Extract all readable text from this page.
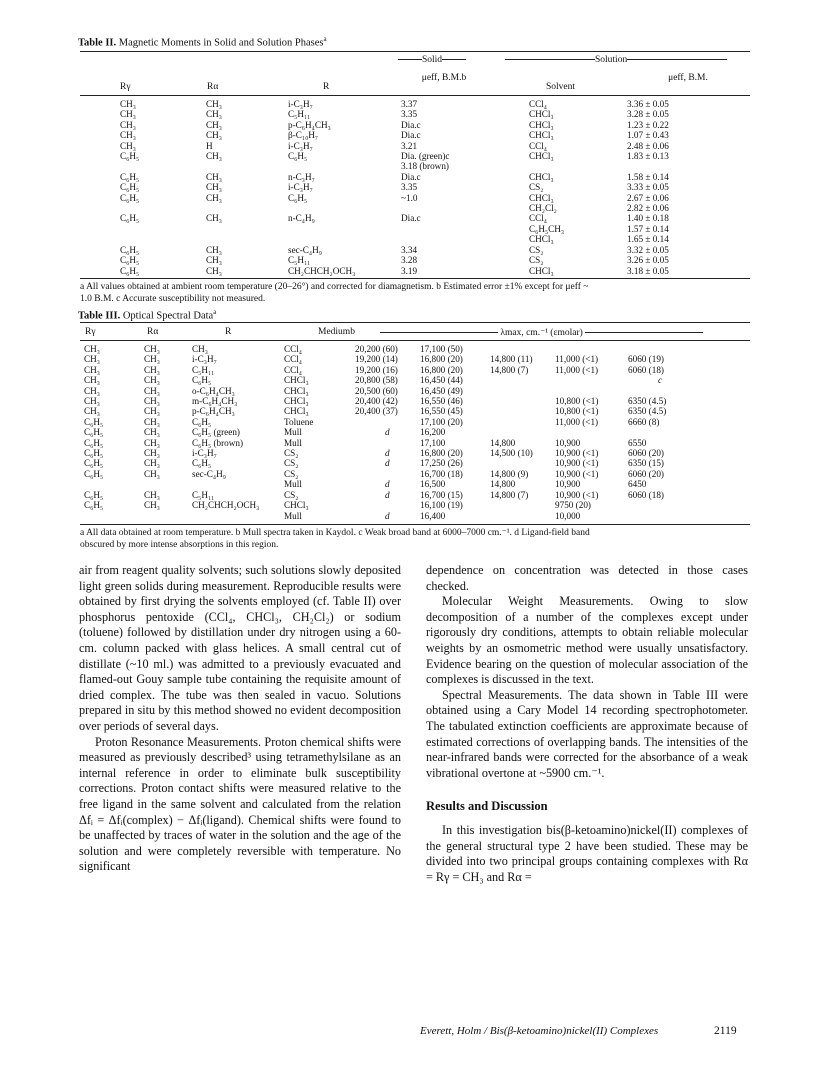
Table II. Magnetic Moments in Solid and Solution Phases$^a$
Solid	Solution
Rγ	Rα	R
μeff, B.M.b
Solvent
μeff, B.M.
CH₃	CH₃	i-C₃H₇	3.37	CCl₄	3.36 ± 0.05
CH₃	CH₃	C₅H₁₁	3.35	CHCl₃	3.28 ± 0.05
CH₃	CH₃	p-C₆H₄CH₃	Dia.c	CHCl₃	1.23 ± 0.22
CH₃	CH₃	β-C₁₀H₇	Dia.c	CHCl₃	1.07 ± 0.43
CH₃	H	i-C₃H₇	3.21	CCl₄	2.48 ± 0.06
C₆H₅	CH₃	C₆H₅	Dia. (green)c	CHCl₃	1.83 ± 0.13
			3.18 (brown)		
C₆H₅	CH₃	n-C₃H₇	Dia.c	CHCl₃	1.58 ± 0.14
C₆H₅	CH₃	i-C₃H₇	3.35	CS₂	3.33 ± 0.05
C₆H₅	CH₃	C₆H₅	~1.0	CHCl₃	2.67 ± 0.06
				CH₂Cl₂	2.82 ± 0.06
C₆H₅	CH₃	n-C₄H₉	Dia.c	CCl₄	1.40 ± 0.18
				C₆H₅CH₃	1.57 ± 0.14
				CHCl₃	1.65 ± 0.14
C₆H₅	CH₃	sec-C₄H₉	3.34	CS₂	3.32 ± 0.05
C₆H₅	CH₃	C₅H₁₁	3.28	CS₂	3.26 ± 0.05
C₆H₅	CH₃	CH₂CHCH₂OCH₃	3.19	CHCl₃	3.18 ± 0.05
a All values obtained at ambient room temperature (20–26°) and corrected for diamagnetism. b Estimated error ±1% except for μeff ~
1.0 B.M. c Accurate susceptibility not measured.
Table III. Optical Spectral Data$^a$
Rγ	Rα	R	Mediumb	λmax, cm.⁻¹ (εmolar)
CH₃	CH₃	CH₃	CCl₄	20,200 (60)	17,100 (50)			
CH₃	CH₃	i-C₃H₇	CCl₄	19,200 (14)	16,800 (20)	14,800 (11)	11,000 (<1)	6060 (19)
CH₃	CH₃	C₅H₁₁	CCl₄	19,200 (16)	16,800 (20)	14,800 (7)	11,000 (<1)	6060 (18)
CH₃	CH₃	C₆H₅	CHCl₃	20,800 (58)	16,450 (44)			c
CH₃	CH₃	o-C₆H₄CH₃	CHCl₃	20,500 (60)	16,450 (49)			
CH₃	CH₃	m-C₆H₄CH₃	CHCl₃	20,400 (42)	16,550 (46)		10,800 (<1)	6350 (4.5)
CH₃	CH₃	p-C₆H₄CH₃	CHCl₃	20,400 (37)	16,550 (45)		10,800 (<1)	6350 (4.5)
C₆H₅	CH₃	C₆H₅	Toluene		17,100 (20)		11,000 (<1)	6660 (8)
C₆H₅	CH₃	C₆H₅ (green)	Mull	d	16,200			
C₆H₅	CH₃	C₆H₅ (brown)	Mull		17,100	14,800	10,900	6550
C₆H₅	CH₃	i-C₃H₇	CS₂	d	16,800 (20)	14,500 (10)	10,900 (<1)	6060 (20)
C₆H₅	CH₃	C₆H₅	CS₂	d	17,250 (26)		10,900 (<1)	6350 (15)
C₆H₅	CH₃	sec-C₄H₉	CS₂		16,700 (18)	14,800 (9)	10,900 (<1)	6060 (20)
			Mull	d	16,500	14,800	10,900	6450
C₆H₅	CH₃	C₅H₁₁	CS₂	d	16,700 (15)	14,800 (7)	10,900 (<1)	6060 (18)
C₆H₅	CH₃	CH₂CHCH₂OCH₃	CHCl₃		16,100 (19)		9750 (20)	
			Mull	d	16,400		10,000	
a All data obtained at room temperature. b Mull spectra taken in Kaydol. c Weak broad band at 6000–7000 cm.⁻¹. d Ligand-field band
obscured by more intense absorptions in this region.

air from reagent quality solvents; such solutions slowly deposited light green solids during measurement. Reproducible results were obtained by first drying the solvents employed (cf. Table II) over phosphorus pentoxide (CCl₄, CHCl₃, CH₂Cl₂) or sodium (toluene) followed by distillation under dry nitrogen using a 60-cm. column packed with glass helices. A small central cut of distillate (~10 ml.) was admitted to a previously evacuated and flamed-out Gouy sample tube containing the requisite amount of dried complex. The tube was then sealed in vacuo. Solutions prepared in situ by this method showed no evident decomposition over periods of several days.

Proton Resonance Measurements. Proton chemical shifts were measured as previously described³ using tetramethylsilane as an internal reference in order to eliminate bulk susceptibility corrections. Proton contact shifts were measured relative to the free ligand in the same solvent and calculated from the relation Δfᵢ = Δfᵢ(complex) − Δfᵢ(ligand). Chemical shifts were found to be unaffected by traces of water in the solution and the age of the solution and were completely reversible with temperature. No significant

dependence on concentration was detected in those cases checked.

Molecular Weight Measurements. Owing to slow decomposition of a number of the complexes except under rigorously dry conditions, attempts to obtain reliable molecular weights by an osmometric method were usually unsatisfactory. Evidence bearing on the question of molecular association of the complexes is discussed in the text.

Spectral Measurements. The data shown in Table III were obtained using a Cary Model 14 recording spectrophotometer. The tabulated extinction coefficients are approximate because of estimated corrections of overlapping bands. The intensities of the near-infrared bands were corrected for the absorbance of a weak vibrational overtone at ~5900 cm.⁻¹.

Results and Discussion

In this investigation bis(β-ketoamino)nickel(II) complexes of the general structural type 2 have been studied. These may be divided into two principal groups containing complexes with Rα = Rγ = CH₃ and Rα =

Everett, Holm / Bis(β-ketoamino)nickel(II) Complexes	2119
